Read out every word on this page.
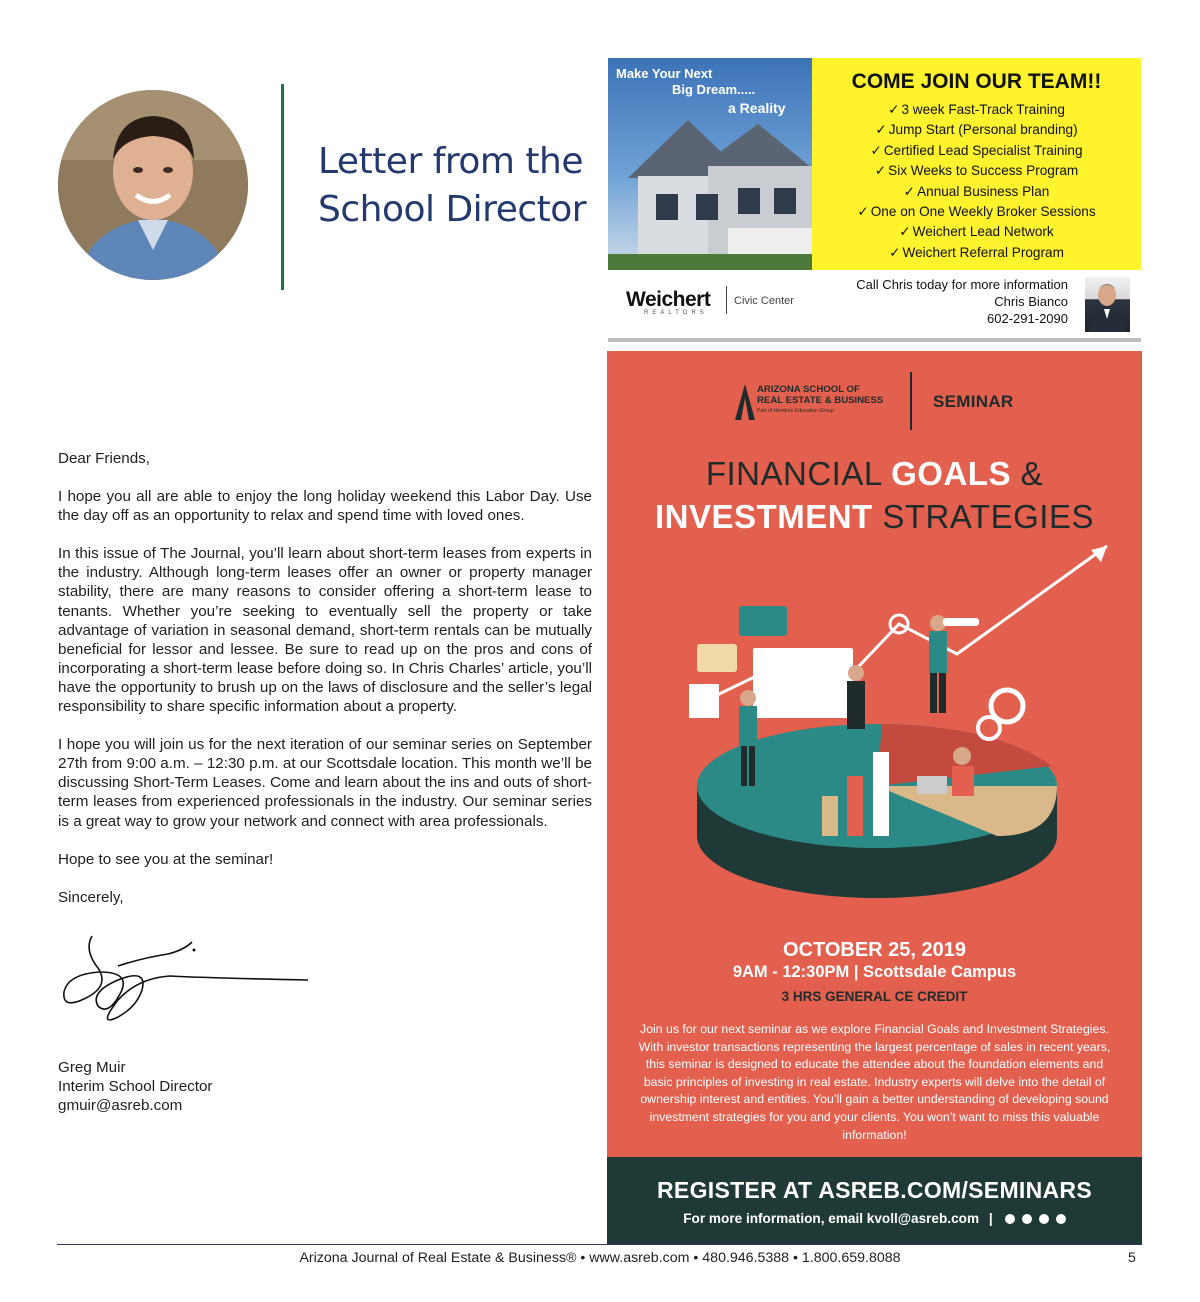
Letter from the
School Director

Dear Friends,

I hope you all are able to enjoy the long holiday weekend this Labor Day. Use the day off as an opportunity to relax and spend time with loved ones.

In this issue of The Journal, you’ll learn about short-term leases from experts in the industry. Although long-term leases offer an owner or property manager stability, there are many reasons to consider offering a short-term lease to tenants. Whether you’re seeking to eventually sell the property or take advantage of variation in seasonal demand, short-term rentals can be mutually beneficial for lessor and lessee. Be sure to read up on the pros and cons of incorporating a short-term lease before doing so. In Chris Charles’ article, you’ll have the opportunity to brush up on the laws of disclosure and the seller’s legal responsibility to share specific information about a property.

I hope you will join us for the next iteration of our seminar series on September 27th from 9:00 a.m. – 12:30 p.m. at our Scottsdale location. This month we’ll be discussing Short-Term Leases. Come and learn about the ins and outs of short-term leases from experienced professionals in the industry. Our seminar series is a great way to grow your network and connect with area professionals.

Hope to see you at the seminar!

Sincerely,

Greg Muir
Interim School Director
gmuir@asreb.com
Make Your Next
Big Dream.....
a Reality
COME JOIN OUR TEAM!!
✓ 3 week Fast-Track Training
✓ Jump Start (Personal branding)
✓ Certified Lead Specialist Training
✓ Six Weeks to Success Program
✓ Annual Business Plan
✓ One on One Weekly Broker Sessions
✓ Weichert Lead Network
✓ Weichert Referral Program
Weichert
REALTORS
Civic Center
Call Chris today for more information
Chris Bianco
602-291-2090
ARIZONA SCHOOL OF
REAL ESTATE & BUSINESS
Part of Hondros Education Group	SEMINAR
FINANCIAL GOALS &
INVESTMENT STRATEGIES
OCTOBER 25, 2019
9AM - 12:30PM | Scottsdale Campus
3 HRS GENERAL CE CREDIT
Join us for our next seminar as we explore Financial Goals and Investment Strategies. With investor transactions representing the largest percentage of sales in recent years, this seminar is designed to educate the attendee about the foundation elements and basic principles of investing in real estate. Industry experts will delve into the detail of ownership interest and entities. You’ll gain a better understanding of developing sound investment strategies for you and your clients. You won’t want to miss this valuable information!
REGISTER AT ASREB.COM/SEMINARS
For more information, email kvoll@asreb.com |
Arizona Journal of Real Estate & Business® • www.asreb.com • 480.946.5388 • 1.800.659.8088	5
